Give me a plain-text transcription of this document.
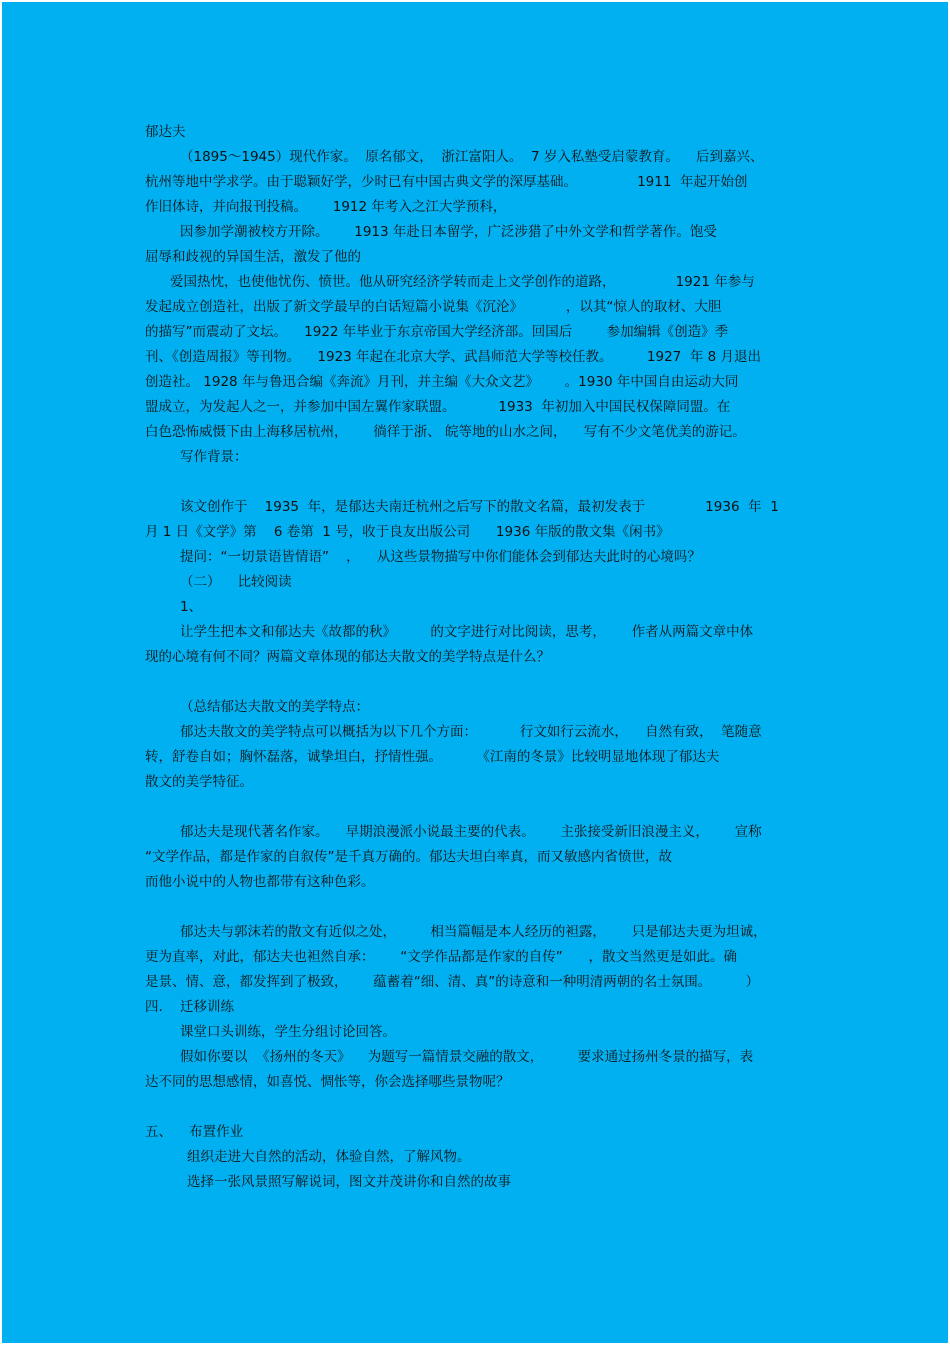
郁达夫
（1895～1945）现代作家。  原名郁文，  浙江富阳人。  7 岁入私塾受启蒙教育。    后到嘉兴、
杭州等地中学求学。由于聪颖好学，少时已有中国古典文学的深厚基础。              1911  年起开始创
作旧体诗，并向报刊投稿。      1912 年考入之江大学预科，
因参加学潮被校方开除。      1913 年赴日本留学，广泛涉猎了中外文学和哲学著作。饱受
屈辱和歧视的异国生活，激发了他的
爱国热忱，也使他忧伤、愤世。他从研究经济学转而走上文学创作的道路，              1921 年参与
发起成立创造社，出版了新文学最早的白话短篇小说集《沉沦》          ，以其“惊人的取材、大胆
的描写”而震动了文坛。    1922 年毕业于东京帝国大学经济部。回国后        参加编辑《创造》季
刊、《创造周报》等刊物。    1923 年起在北京大学、武昌师范大学等校任教。        1927  年 8 月退出
创造社。 1928 年与鲁迅合编《奔流》月刊，并主编《大众文艺》      。1930 年中国自由运动大同
盟成立，为发起人之一，并参加中国左翼作家联盟。          1933  年初加入中国民权保障同盟。在
白色恐怖威慑下由上海移居杭州，      徜徉于浙、 皖等地的山水之间，    写有不少文笔优美的游记。
写作背景：
该文创作于    1935  年，是郁达夫南迁杭州之后写下的散文名篇，最初发表于              1936  年  1
月 1 日《文学》第    6 卷第  1 号，收于良友出版公司      1936 年版的散文集《闲书》
提问：“一切景语皆情语”    ，    从这些景物描写中你们能体会到郁达夫此时的心境吗？
（二）    比较阅读
1、
让学生把本文和郁达夫《故都的秋》        的文字进行对比阅读，思考，      作者从两篇文章中体
现的心境有何不同？两篇文章体现的郁达夫散文的美学特点是什么？
（总结郁达夫散文的美学特点：
郁达夫散文的美学特点可以概括为以下几个方面：          行文如行云流水，    自然有致，  笔随意
转，舒卷自如；胸怀磊落，诚挚坦白，抒情性强。        《江南的冬景》比较明显地体现了郁达夫
散文的美学特征。
郁达夫是现代著名作家。    早期浪漫派小说最主要的代表。      主张接受新旧浪漫主义，      宣称
“文学作品，都是作家的自叙传”是千真万确的。郁达夫坦白率真，而又敏感内省愤世，故
而他小说中的人物也都带有这种色彩。
郁达夫与郭沫若的散文有近似之处，        相当篇幅是本人经历的袒露，      只是郁达夫更为坦诚，
更为直率，对此，郁达夫也袒然自承：      “文学作品都是作家的自传”      ，散文当然更是如此。确
是景、情、意，都发挥到了极致，      蕴蓄着“细、清、真”的诗意和一种明清两朝的名士氛围。        ）
四.    迁移训练
课堂口头训练，学生分组讨论回答。
假如你要以  《扬州的冬天》    为题写一篇情景交融的散文，        要求通过扬州冬景的描写，表
达不同的思想感情，如喜悦、惆怅等，你会选择哪些景物呢？
五、    布置作业
组织走进大自然的活动，体验自然，了解风物。
选择一张风景照写解说词，图文并茂讲你和自然的故事
